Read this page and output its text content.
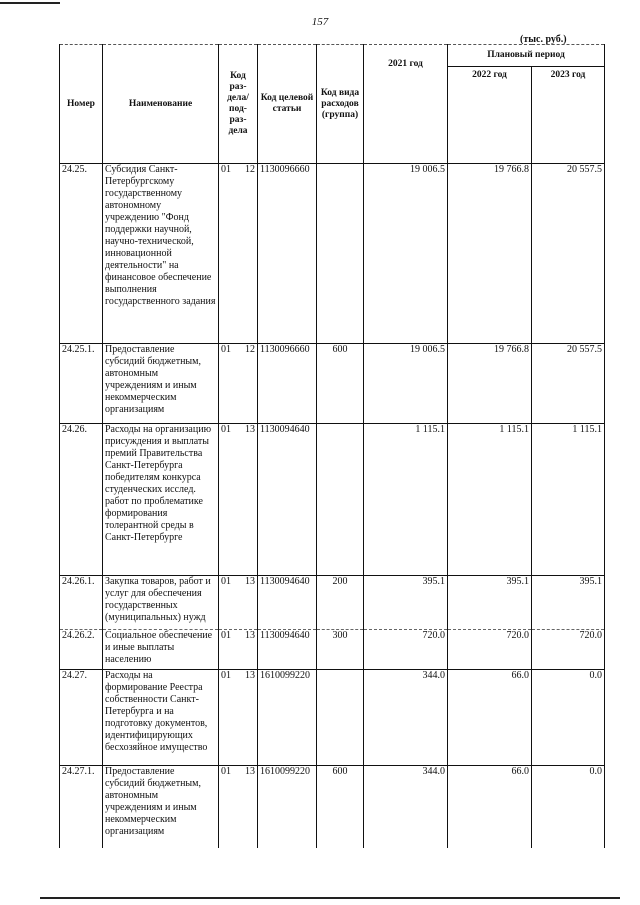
157
(тыс. руб.)
Номер	Наименование	Код раз-дела/ под-раз-дела	Код целевой статьи	Код вида расходов (группа)	2021 год	Плановый период	
						2022 год	2023 год
24.25.	Субсидия Санкт-Петербургскому государственному автономному учреждению "Фонд поддержки научной, научно-технической, инновационной деятельности" на финансовое обеспечение выполнения государственного задания	01 12	1130096660		19 006.5	19 766.8	20 557.5
24.25.1.	Предоставление субсидий бюджетным, автономным учреждениям и иным некоммерческим организациям	01 12	1130096660	600	19 006.5	19 766.8	20 557.5
24.26.	Расходы на организацию присуждения и выплаты премий Правительства Санкт-Петербурга победителям конкурса студенческих исслед. работ по проблематике формирования толерантной среды в Санкт-Петербурге	01 13	1130094640		1 115.1	1 115.1	1 115.1
24.26.1.	Закупка товаров, работ и услуг для обеспечения государственных (муниципальных) нужд	01 13	1130094640	200	395.1	395.1	395.1
24.26.2.	Социальное обеспечение и иные выплаты населению	01 13	1130094640	300	720.0	720.0	720.0
24.27.	Расходы на формирование Реестра собственности Санкт-Петербурга и на подготовку документов, идентифицирующих бесхозяйное имущество	01 13	1610099220		344.0	66.0	0.0
24.27.1.	Предоставление субсидий бюджетным, автономным учреждениям и иным некоммерческим организациям	01 13	1610099220	600	344.0	66.0	0.0
